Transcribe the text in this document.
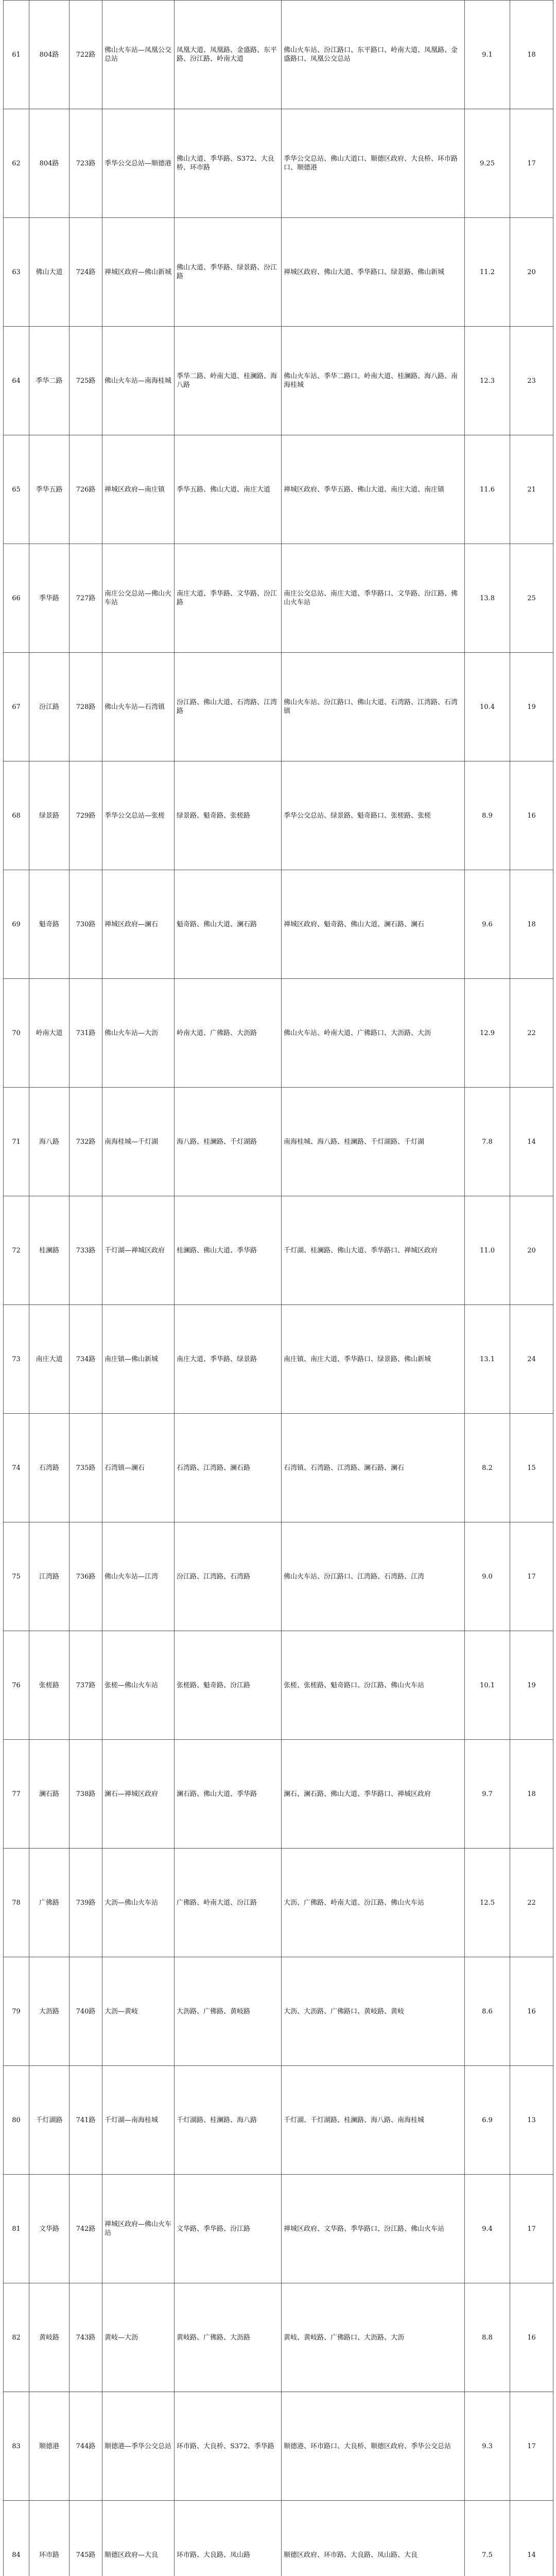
61	804路	722路	佛山火车站—凤凰公交总站	凤凰大道、凤凰路、金盛路、东平路、汾江路、岭南大道	佛山火车站、汾江路口、东平路口、岭南大道、凤凰路、金盛路口、凤凰公交总站	9.1	18
62	804路	723路	季华公交总站—顺德港	佛山大道、季华路、S372、大良桥、环市路	季华公交总站、佛山大道口、顺德区政府、大良桥、环市路口、顺德港	9.25	17
63	佛山大道	724路	禅城区政府—佛山新城	佛山大道、季华路、绿景路、汾江路	禅城区政府、佛山大道、季华路口、绿景路、佛山新城	11.2	20
64	季华二路	725路	佛山火车站—南海桂城	季华二路、岭南大道、桂澜路、海八路	佛山火车站、季华二路口、岭南大道、桂澜路、海八路、南海桂城	12.3	23
65	季华五路	726路	禅城区政府—南庄镇	季华五路、佛山大道、南庄大道	禅城区政府、季华五路、佛山大道、南庄大道、南庄镇	11.6	21
66	季华路	727路	南庄公交总站—佛山火车站	南庄大道、季华路、文华路、汾江路	南庄公交总站、南庄大道、季华路口、文华路、汾江路、佛山火车站	13.8	25
67	汾江路	728路	佛山火车站—石湾镇	汾江路、佛山大道、石湾路、江湾路	佛山火车站、汾江路口、佛山大道、石湾路、江湾路、石湾镇	10.4	19
68	绿景路	729路	季华公交总站—张槎	绿景路、魁奇路、张槎路	季华公交总站、绿景路、魁奇路口、张槎路、张槎	8.9	16
69	魁奇路	730路	禅城区政府—澜石	魁奇路、佛山大道、澜石路	禅城区政府、魁奇路、佛山大道、澜石路、澜石	9.6	18
70	岭南大道	731路	佛山火车站—大沥	岭南大道、广佛路、大沥路	佛山火车站、岭南大道、广佛路口、大沥路、大沥	12.9	22
71	海八路	732路	南海桂城—千灯湖	海八路、桂澜路、千灯湖路	南海桂城、海八路、桂澜路、千灯湖路、千灯湖	7.8	14
72	桂澜路	733路	千灯湖—禅城区政府	桂澜路、佛山大道、季华路	千灯湖、桂澜路、佛山大道、季华路口、禅城区政府	11.0	20
73	南庄大道	734路	南庄镇—佛山新城	南庄大道、季华路、绿景路	南庄镇、南庄大道、季华路口、绿景路、佛山新城	13.1	24
74	石湾路	735路	石湾镇—澜石	石湾路、江湾路、澜石路	石湾镇、石湾路、江湾路、澜石路、澜石	8.2	15
75	江湾路	736路	佛山火车站—江湾	汾江路、江湾路、石湾路	佛山火车站、汾江路口、江湾路、石湾路、江湾	9.0	17
76	张槎路	737路	张槎—佛山火车站	张槎路、魁奇路、汾江路	张槎、张槎路、魁奇路口、汾江路、佛山火车站	10.1	19
77	澜石路	738路	澜石—禅城区政府	澜石路、佛山大道、季华路	澜石、澜石路、佛山大道、季华路口、禅城区政府	9.7	18
78	广佛路	739路	大沥—佛山火车站	广佛路、岭南大道、汾江路	大沥、广佛路、岭南大道、汾江路、佛山火车站	12.5	22
79	大沥路	740路	大沥—黄岐	大沥路、广佛路、黄岐路	大沥、大沥路、广佛路口、黄岐路、黄岐	8.6	16
80	千灯湖路	741路	千灯湖—南海桂城	千灯湖路、桂澜路、海八路	千灯湖、千灯湖路、桂澜路、海八路、南海桂城	6.9	13
81	文华路	742路	禅城区政府—佛山火车站	文华路、季华路、汾江路	禅城区政府、文华路、季华路口、汾江路、佛山火车站	9.4	17
82	黄岐路	743路	黄岐—大沥	黄岐路、广佛路、大沥路	黄岐、黄岐路、广佛路口、大沥路、大沥	8.8	16
83	顺德港	744路	顺德港—季华公交总站	环市路、大良桥、S372、季华路	顺德港、环市路口、大良桥、顺德区政府、季华公交总站	9.3	17
84	环市路	745路	顺德区政府—大良	环市路、大良路、凤山路	顺德区政府、环市路、大良路、凤山路、大良	7.5	14
